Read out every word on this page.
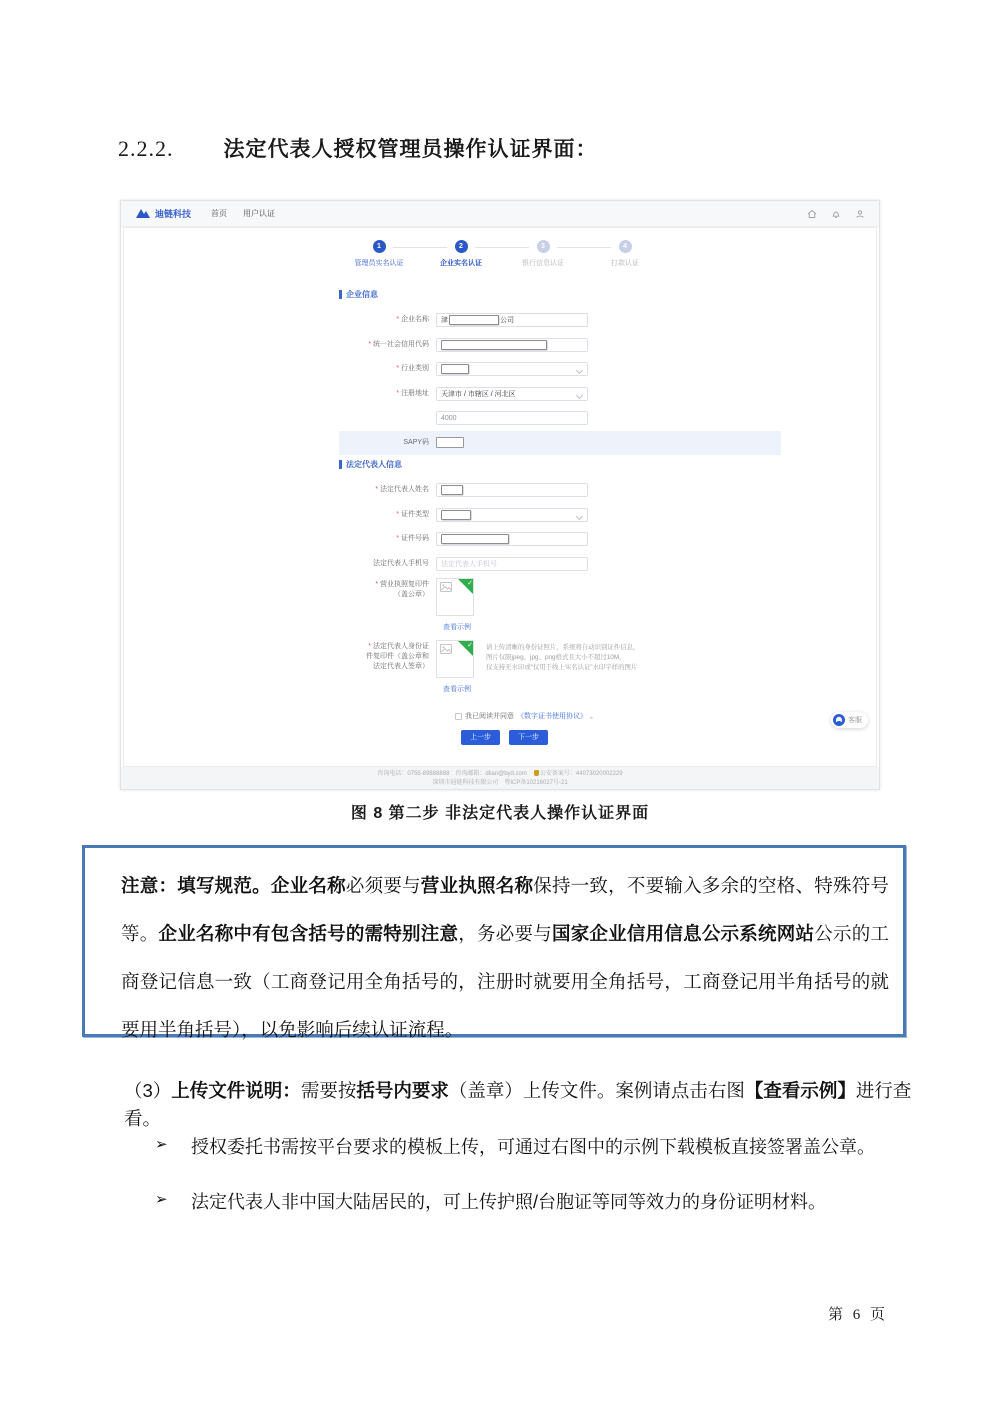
2.2.2. 法定代表人授权管理员操作认证界面：
迪链科技	首页 用户认证
1
管理员实名认证
2
企业实名认证
3
银行信息认证
4
打款认证
企业信息
* 企业名称	津	公司
* 统一社会信用代码
* 行业类别
* 注册地址	天津市 / 市辖区 / 河北区
4000
SAPY码
法定代表人信息
* 法定代表人姓名
* 证件类型
* 证件号码
法定代表人手机号	法定代表人手机号
* 营业执照复印件
（盖公章）
✓
查看示例
* 法定代表人身份证
件复印件（盖公章和
法定代表人签章）
✓
请上传清晰的身份证照片，系统将自动识别证件信息，
图片仅限jpeg、jpg、png格式且大小不超过10M，
仅支持无水印或“仅用于线上实名认证”水印字样的图片
查看示例
我已阅读并同意 《数字证书使用协议》 。
上一步	下一步
客服
咨询电话：0755-89888888　咨询邮箱：dlian@byd.com　公安备案号：44073020002229
深圳市迪链科技有限公司　粤ICP备10216027号-21
图 8 第二步 非法定代表人操作认证界面
注意：填写规范。企业名称必须要与营业执照名称保持一致，不要输入多余的空格、特殊符号等。企业名称中有包含括号的需特别注意，务必要与国家企业信用信息公示系统网站公示的工商登记信息一致（工商登记用全角括号的，注册时就要用全角括号，工商登记用半角括号的就要用半角括号），以免影响后续认证流程。
（3）上传文件说明：需要按括号内要求（盖章）上传文件。案例请点击右图【查看示例】进行查看。
➢	授权委托书需按平台要求的模板上传，可通过右图中的示例下载模板直接签署盖公章。
➢	法定代表人非中国大陆居民的，可上传护照/台胞证等同等效力的身份证明材料。
第 6 页
